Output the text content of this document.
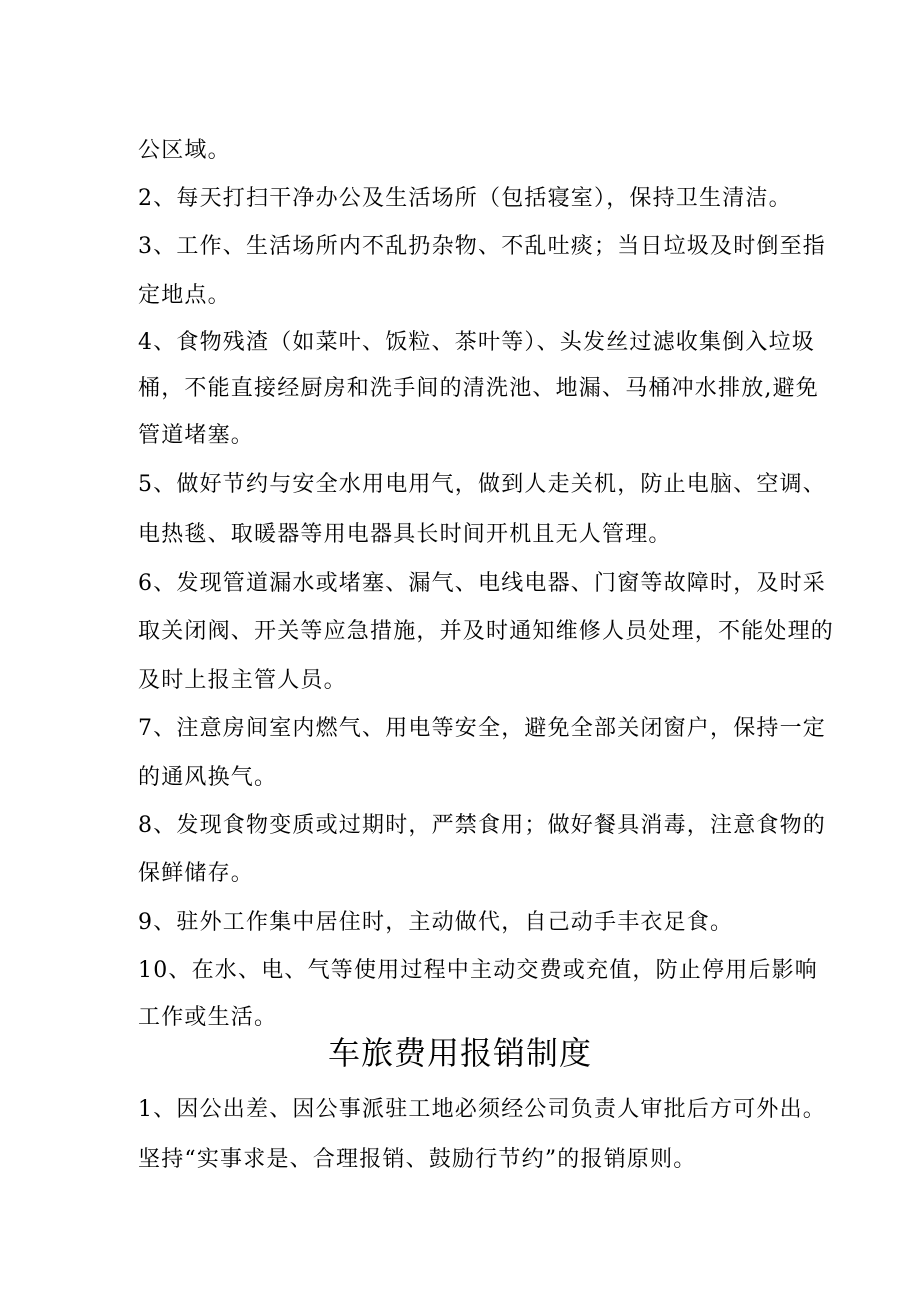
公区域。
2、每天打扫干净办公及生活场所（包括寝室），保持卫生清洁。
3、工作、生活场所内不乱扔杂物、不乱吐痰；当日垃圾及时倒至指
定地点。
4、食物残渣（如菜叶、饭粒、茶叶等）、头发丝过滤收集倒入垃圾
桶，不能直接经厨房和洗手间的清洗池、地漏、马桶冲水排放,避免
管道堵塞。
5、做好节约与安全水用电用气，做到人走关机，防止电脑、空调、
电热毯、取暖器等用电器具长时间开机且无人管理。
6、发现管道漏水或堵塞、漏气、电线电器、门窗等故障时，及时采
取关闭阀、开关等应急措施，并及时通知维修人员处理，不能处理的
及时上报主管人员。
7、注意房间室内燃气、用电等安全，避免全部关闭窗户，保持一定
的通风换气。
8、发现食物变质或过期时，严禁食用；做好餐具消毒，注意食物的
保鲜储存。
9、驻外工作集中居住时，主动做代，自己动手丰衣足食。
10、在水、电、气等使用过程中主动交费或充值，防止停用后影响
工作或生活。
车旅费用报销制度
1、因公出差、因公事派驻工地必须经公司负责人审批后方可外出。
坚持“实事求是、合理报销、鼓励行节约”的报销原则。
